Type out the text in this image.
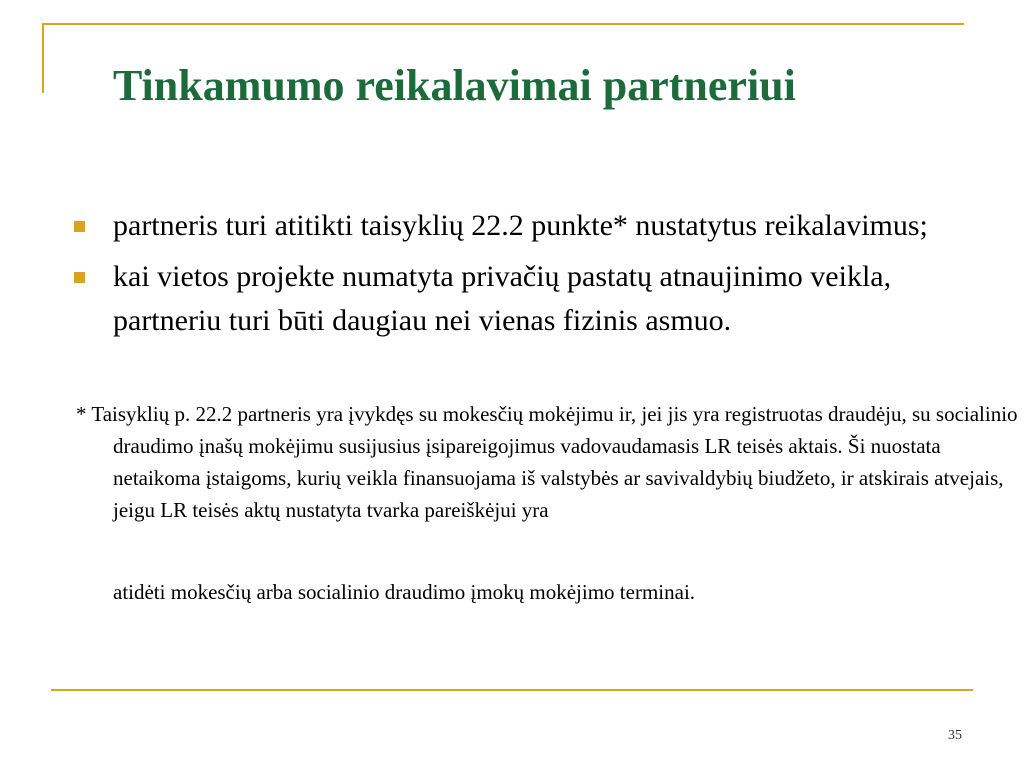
Tinkamumo reikalavimai partneriui
partneris turi atitikti taisyklių 22.2 punkte* nustatytus reikalavimus;
kai vietos projekte numatyta privačių pastatų atnaujinimo veikla, partneriu turi būti daugiau nei vienas fizinis asmuo.

* Taisyklių p. 22.2 partneris yra įvykdęs su mokesčių mokėjimu ir, jei jis yra registruotas draudėju, su socialinio draudimo įnašų mokėjimu susijusius įsipareigojimus vadovaudamasis LR teisės aktais. Ši nuostata netaikoma įstaigoms, kurių veikla finansuojama iš valstybės ar savivaldybių biudžeto, ir atskirais atvejais, jeigu LR teisės aktų nustatyta tvarka pareiškėjui yra

atidėti mokesčių arba socialinio draudimo įmokų mokėjimo terminai.

35
